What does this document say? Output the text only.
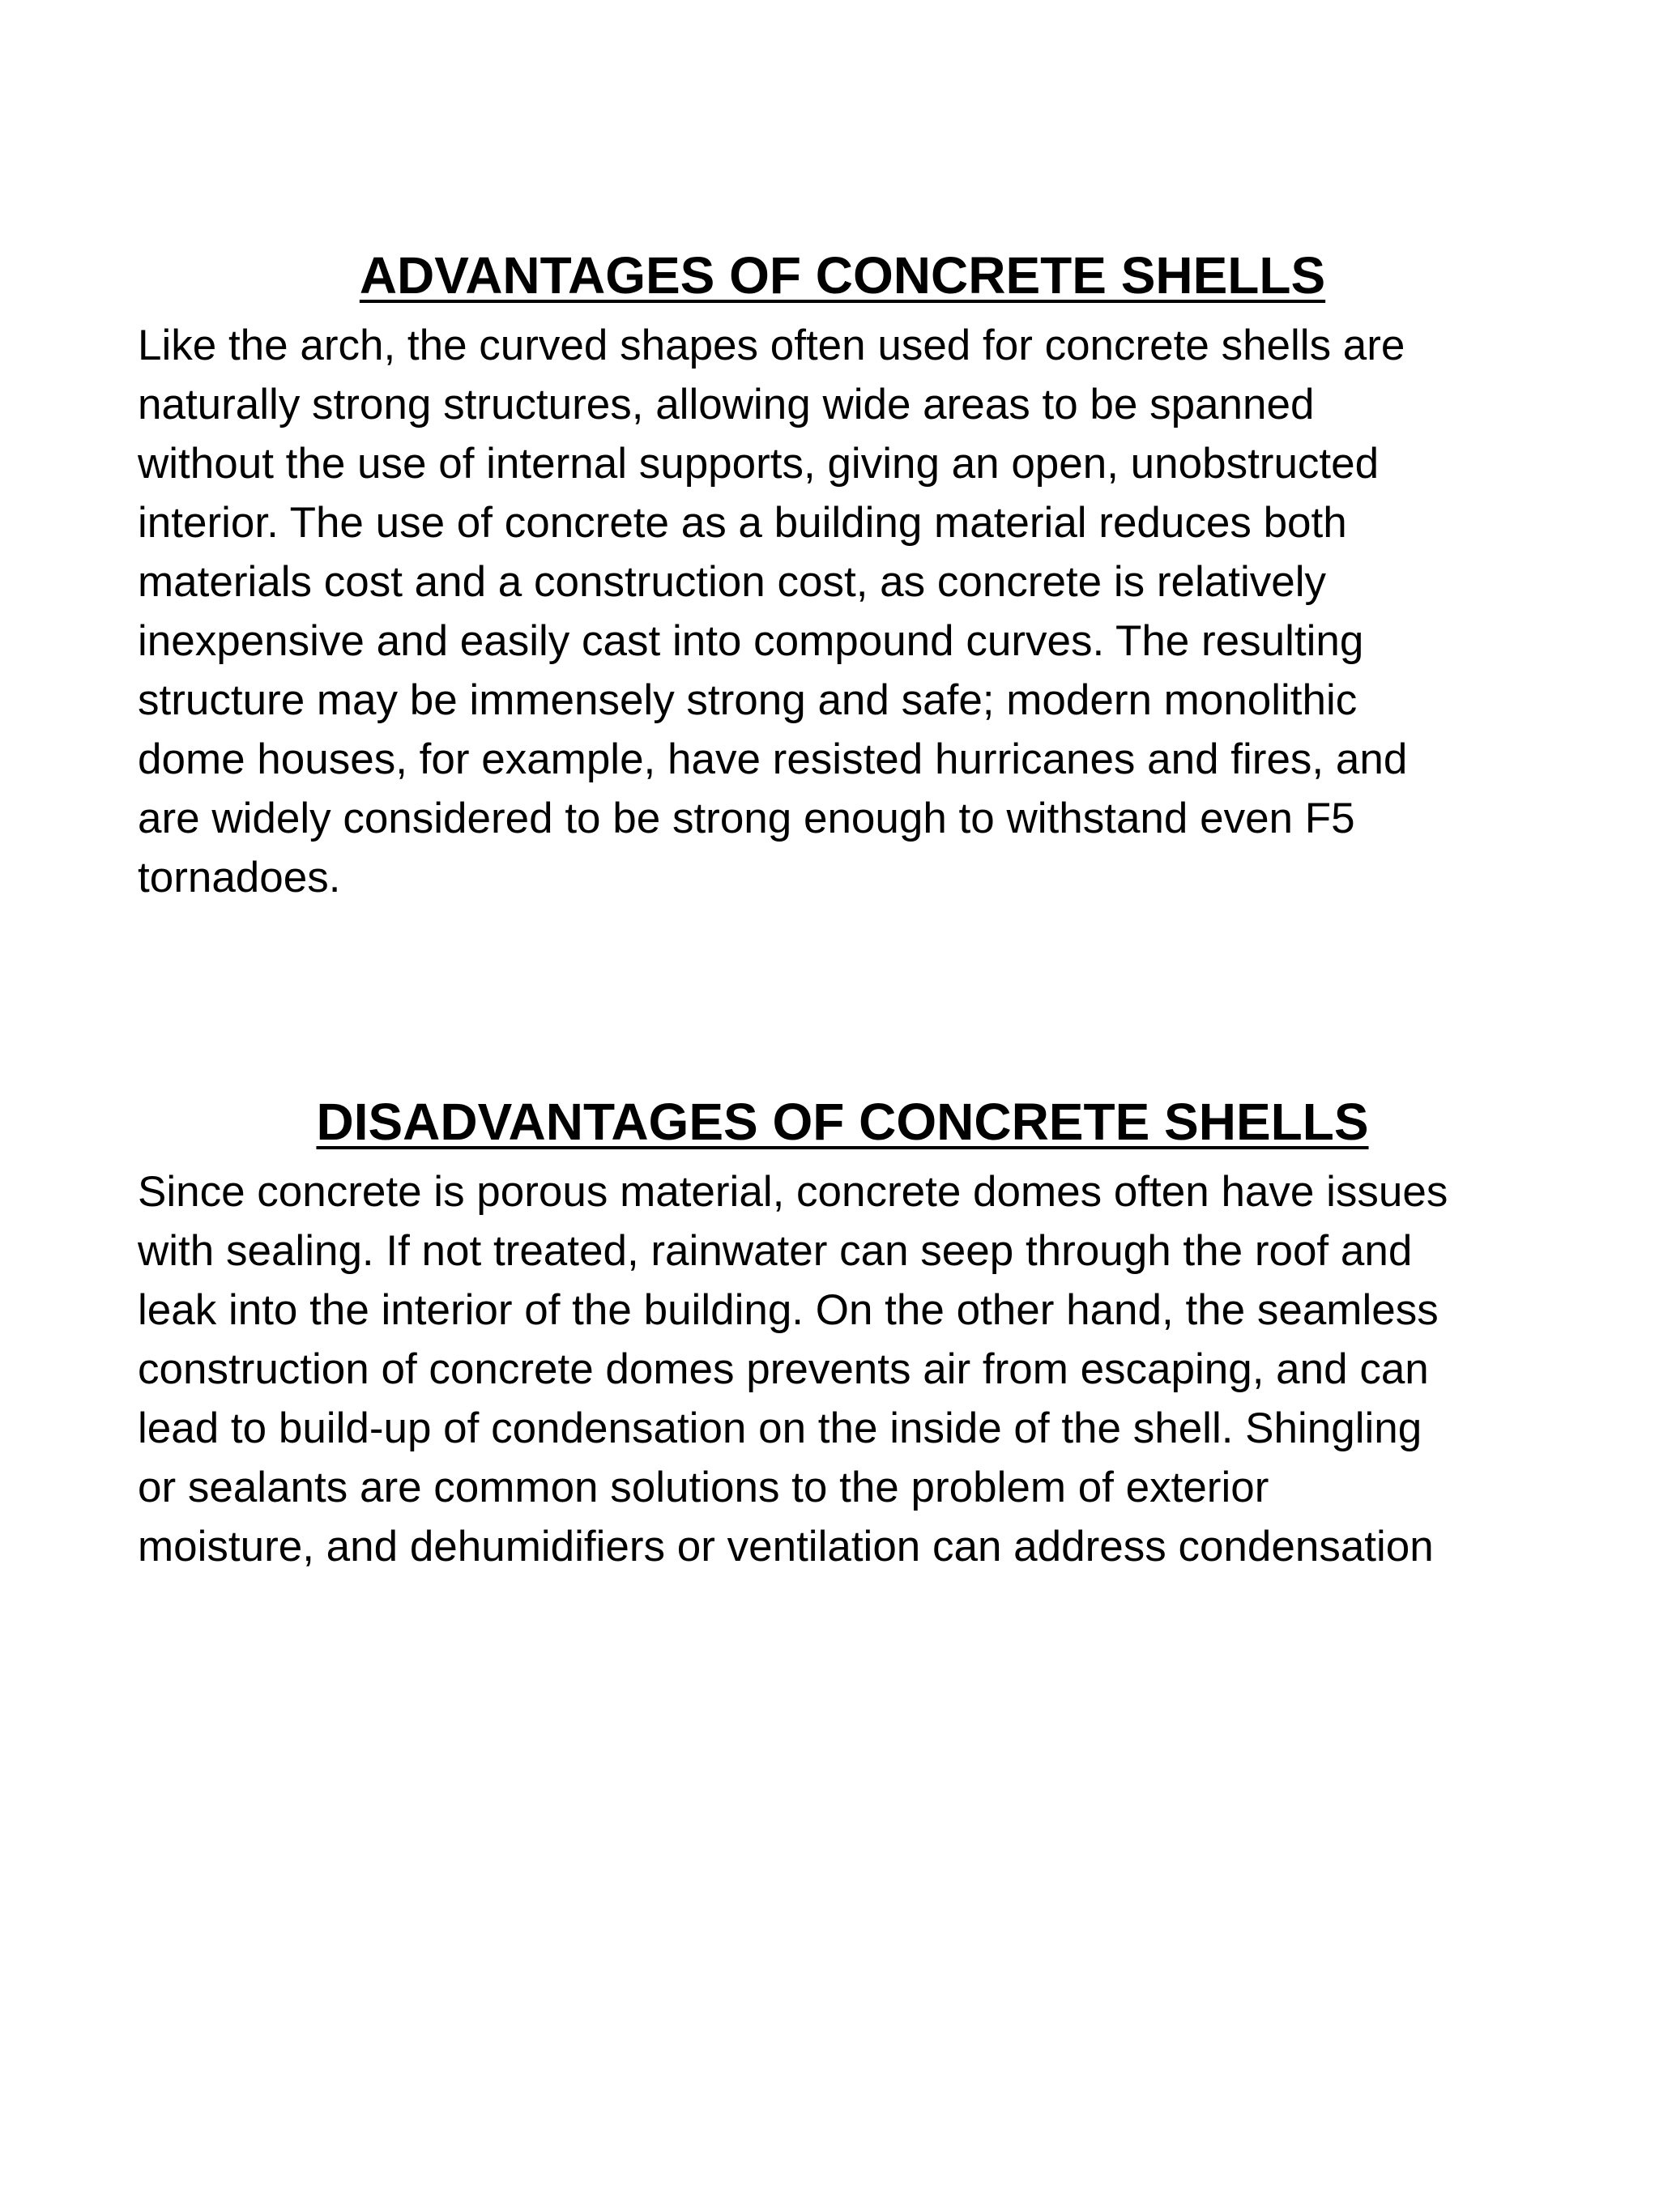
ADVANTAGES OF CONCRETE SHELLS
Like the arch, the curved shapes often used for concrete shells are
naturally strong structures, allowing wide areas to be spanned
without the use of internal supports, giving an open, unobstructed
interior. The use of concrete as a building material reduces both
materials cost and a construction cost, as concrete is relatively
inexpensive and easily cast into compound curves. The resulting
structure may be immensely strong and safe; modern monolithic
dome houses, for example, have resisted hurricanes and fires, and
are widely considered to be strong enough to withstand even F5
tornadoes.
DISADVANTAGES OF CONCRETE SHELLS
Since concrete is porous material, concrete domes often have issues
with sealing. If not treated, rainwater can seep through the roof and
leak into the interior of the building. On the other hand, the seamless
construction of concrete domes prevents air from escaping, and can
lead to build-up of condensation on the inside of the shell. Shingling
or sealants are common solutions to the problem of exterior
moisture, and dehumidifiers or ventilation can address condensation
